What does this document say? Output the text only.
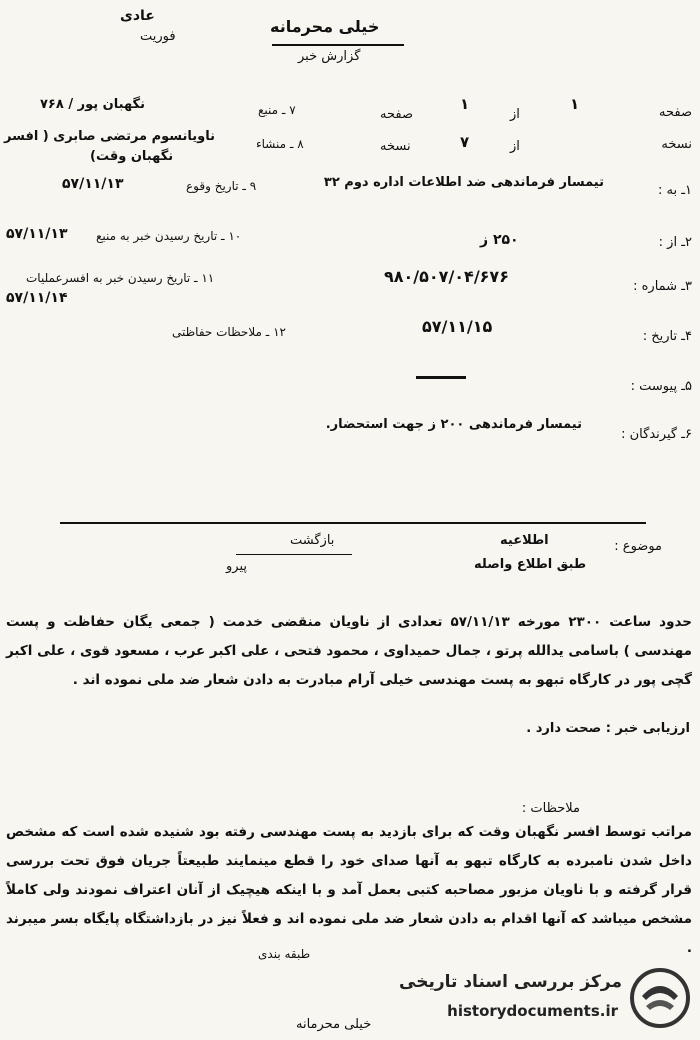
عادی
فوریت
خیلی محرمانه
گزارش خبر
صفحه
۱
از
۱
صفحه
نسخه
از
۷
نسخه
۱ـ به :
تیمسار فرماندهی ضد اطلاعات اداره دوم ۳۲
۲ـ از :
۲۵۰ ز
۳ـ شماره :
۹۸۰/۵۰۷/۰۴/۶۷۶
۴ـ تاریخ :
۵۷/۱۱/۱۵
۵ـ پیوست :
۶ـ گیرندگان :
تیمسار فرماندهی ۲۰۰ ز جهت استحضار.
۷ ـ منبع
نگهبان پور / ۷۶۸
۸ ـ منشاء
ناویانسوم مرتضی صابری ( افسر
نگهبان وقت)
۹ ـ تاریخ وقوع
۵۷/۱۱/۱۳
۱۰ ـ تاریخ رسیدن خبر به منبع
۵۷/۱۱/۱۳
۱۱ ـ تاریخ رسیدن خبر به افسرعملیات
۵۷/۱۱/۱۴
۱۲ ـ ملاحظات حفاظتی
موضوع :
اطلاعیه
طبق اطلاع واصله
بازگشت
پیرو
حدود ساعت ۲۳۰۰ مورخه ۵۷/۱۱/۱۳ تعدادی از ناویان منقضی خدمت ( جمعی یگان حفاظت و پست مهندسی ) باسامی یدالله پرتو ، جمال حمیداوی ، محمود فتحی ، علی اکبر عرب ، مسعود قوی ، علی اکبر گچی پور در کارگاه تبهو به پست مهندسی خیلی آرام مبادرت به دادن شعار ضد ملی نموده اند .
ارزیابی خبر : صحت دارد .
ملاحظات :
مراتب توسط افسر نگهبان وقت که برای بازدید به پست مهندسی رفته بود شنیده شده است که مشخص داخل شدن نامبرده به کارگاه تبهو به آنها صدای خود را قطع مینمایند طبیعتاً جریان فوق تحت بررسی قرار گرفته و با ناویان مزبور مصاحبه کتبی بعمل آمد و با اینکه هیچیک از آنان اعتراف نمودند ولی کاملاً مشخص میباشد که آنها اقدام به دادن شعار ضد ملی نموده اند و فعلاً نیز در بازداشتگاه پایگاه بسر میبرند .
طبقه بندی
خیلی محرمانه
مرکز بررسی اسناد تاریخی
historydocuments.ir
